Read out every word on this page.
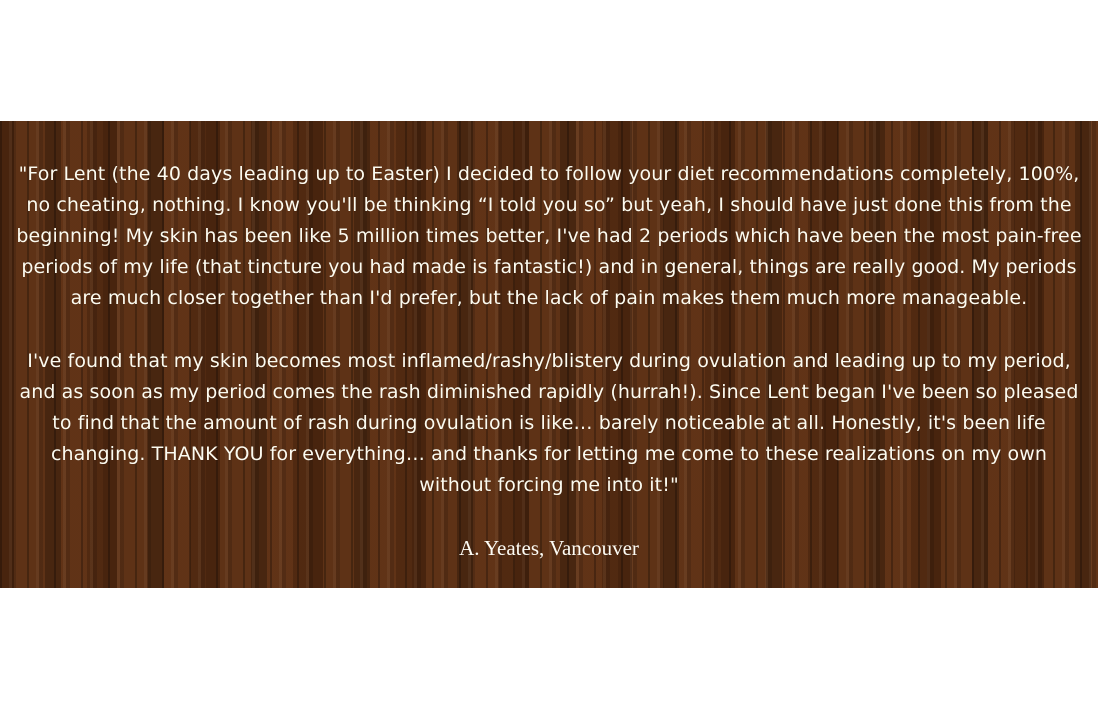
"For Lent (the 40 days leading up to Easter) I decided to follow your diet recommendations completely, 100%, no cheating, nothing. I know you'll be thinking “I told you so” but yeah, I should have just done this from the beginning! My skin has been like 5 million times better, I've had 2 periods which have been the most pain-free periods of my life (that tincture you had made is fantastic!) and in general, things are really good. My periods are much closer together than I'd prefer, but the lack of pain makes them much more manageable.

I've found that my skin becomes most inflamed/rashy/blistery during ovulation and leading up to my period, and as soon as my period comes the rash diminished rapidly (hurrah!). Since Lent began I've been so pleased to find that the amount of rash during ovulation is like… barely noticeable at all. Honestly, it's been life changing. THANK YOU for everything… and thanks for letting me come to these realizations on my own without forcing me into it!"

A. Yeates, Vancouver
